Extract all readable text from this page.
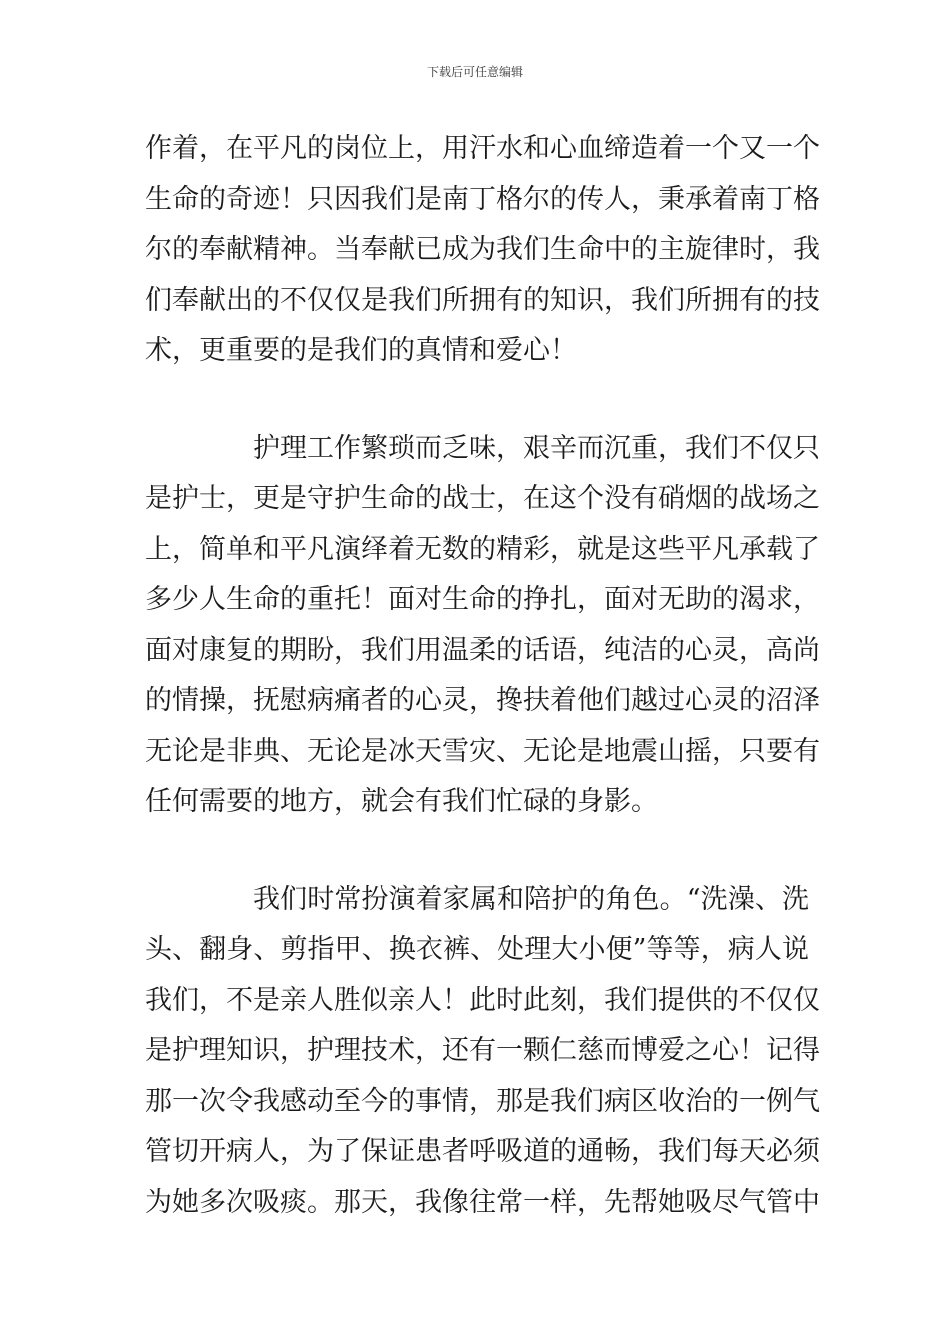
下载后可任意编辑
作着，在平凡的岗位上，用汗水和心血缔造着一个又一个
生命的奇迹！只因我们是南丁格尔的传人，秉承着南丁格
尔的奉献精神。当奉献已成为我们生命中的主旋律时，我
们奉献出的不仅仅是我们所拥有的知识，我们所拥有的技
术，更重要的是我们的真情和爱心！
护理工作繁琐而乏味，艰辛而沉重，我们不仅只
是护士，更是守护生命的战士，在这个没有硝烟的战场之
上，简单和平凡演绎着无数的精彩，就是这些平凡承载了
多少人生命的重托！面对生命的挣扎，面对无助的渴求，
面对康复的期盼，我们用温柔的话语，纯洁的心灵，高尚
的情操，抚慰病痛者的心灵，搀扶着他们越过心灵的沼泽
无论是非典、无论是冰天雪灾、无论是地震山摇，只要有
任何需要的地方，就会有我们忙碌的身影。
我们时常扮演着家属和陪护的角色。“洗澡、洗
头、翻身、剪指甲、换衣裤、处理大小便”等等，病人说
我们，不是亲人胜似亲人！此时此刻，我们提供的不仅仅
是护理知识，护理技术，还有一颗仁慈而博爱之心！记得
那一次令我感动至今的事情，那是我们病区收治的一例气
管切开病人，为了保证患者呼吸道的通畅，我们每天必须
为她多次吸痰。那天，我像往常一样，先帮她吸尽气管中
